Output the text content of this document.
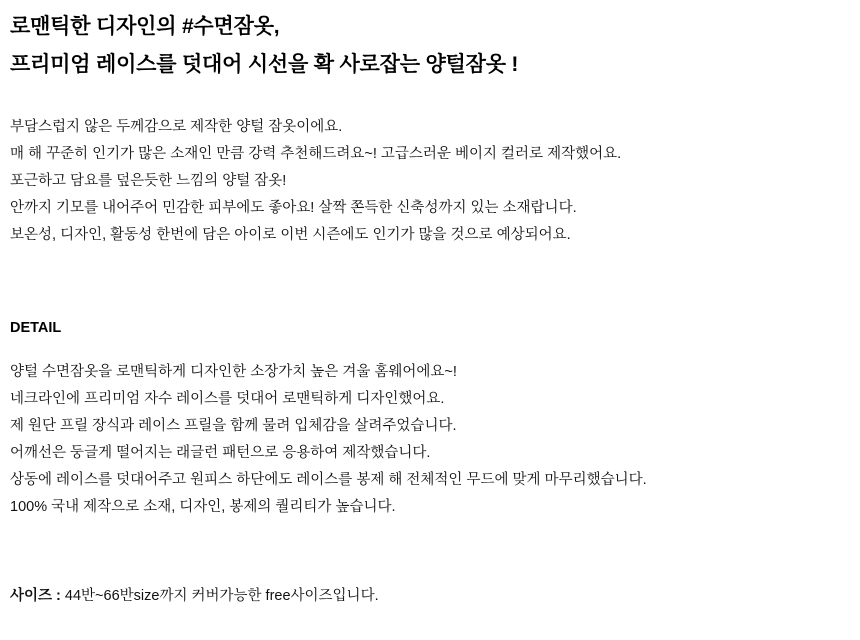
로맨틱한 디자인의 #수면잠옷,
프리미엄 레이스를 덧대어 시선을 확 사로잡는 양털잠옷 !
부담스럽지 않은 두께감으로 제작한 양털 잠옷이에요.
매 해 꾸준히 인기가 많은 소재인 만큼 강력 추천해드려요~! 고급스러운 베이지 컬러로 제작했어요.
포근하고 담요를 덮은듯한 느낌의 양털 잠옷!
안까지 기모를 내어주어 민감한 피부에도 좋아요! 살짝 쫀득한 신축성까지 있는 소재랍니다.
보온성, 디자인, 활동성 한번에 담은 아이로 이번 시즌에도 인기가 많을 것으로 예상되어요.
DETAIL
양털 수면잠옷을 로맨틱하게 디자인한 소장가치 높은 겨울 홈웨어에요~!
네크라인에 프리미엄 자수 레이스를 덧대어 로맨틱하게 디자인했어요.
제 원단 프릴 장식과 레이스 프릴을 함께 물려 입체감을 살려주었습니다.
어깨선은 둥글게 떨어지는 래글런 패턴으로 응용하여 제작했습니다.
상동에 레이스를 덧대어주고 원피스 하단에도 레이스를 봉제 해 전체적인 무드에 맞게 마무리했습니다.
100% 국내 제작으로 소재, 디자인, 봉제의 퀄리티가 높습니다.
사이즈 : 44반~66반size까지 커버가능한 free사이즈입니다.
